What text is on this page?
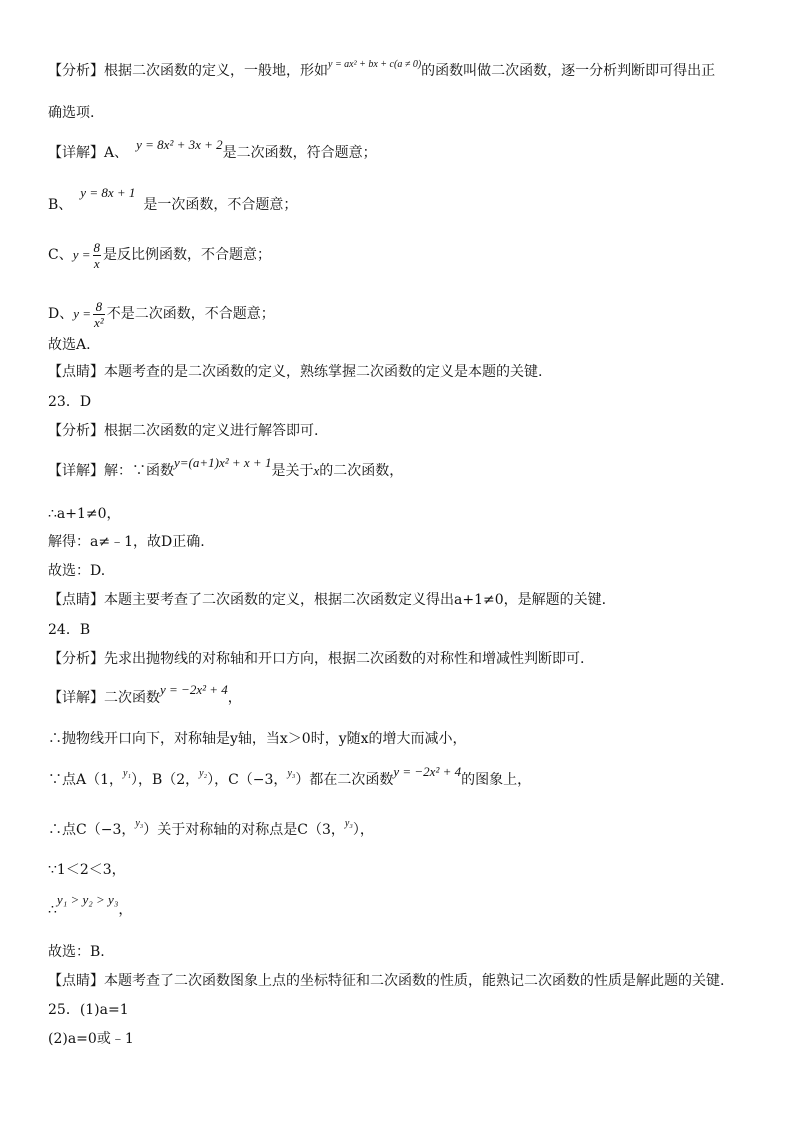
【分析】根据二次函数的定义，一般地，形如$^{y = ax^2 + bx + c(a \ne 0)}$的函数叫做二次函数，逐一分析判断即可得出正
确选项.
【详解】A、y = 8x² + 3x + 2是二次函数，符合题意；
B、y = 8x + 1是一次函数，不合题意；
C、$y = \frac{8}{x}$ 是反比例函数，不合题意；
D、$y = \frac{8}{\text{x²}}$ 不是二次函数，不合题意；
故选A.
【点睛】本题考查的是二次函数的定义，熟练掌握二次函数的定义是本题的关键.
23．D
【分析】根据二次函数的定义进行解答即可.
【详解】解：∵函数y=(a+1)x² + x + 1是关于x的二次函数，
∴a+1≠0，
解得：a≠﹣1，故D正确.
故选：D.
【点睛】本题主要考查了二次函数的定义，根据二次函数定义得出a+1≠0，是解题的关键.
24．B
【分析】先求出抛物线的对称轴和开口方向，根据二次函数的对称性和增减性判断即可.
【详解】二次函数y = −2x² + 4，
∴抛物线开口向下，对称轴是y轴，当x＞0时，y随x的增大而减小，
∵点A（1，$^{y_1}$），B（2，$^{y_2}$），C（−3，$^{y_3}$）都在二次函数y = −2x² + 4的图象上，
∴点C（−3，$^{y_3}$）关于对称轴的对称点是C（3，$^{y_3}$），
∵1＜2＜3，
∴y₁ > y₂ > y₃，
故选：B.
【点睛】本题考查了二次函数图象上点的坐标特征和二次函数的性质，能熟记二次函数的性质是解此题的关键.
25．(1)a=1
(2)a=0或﹣1
